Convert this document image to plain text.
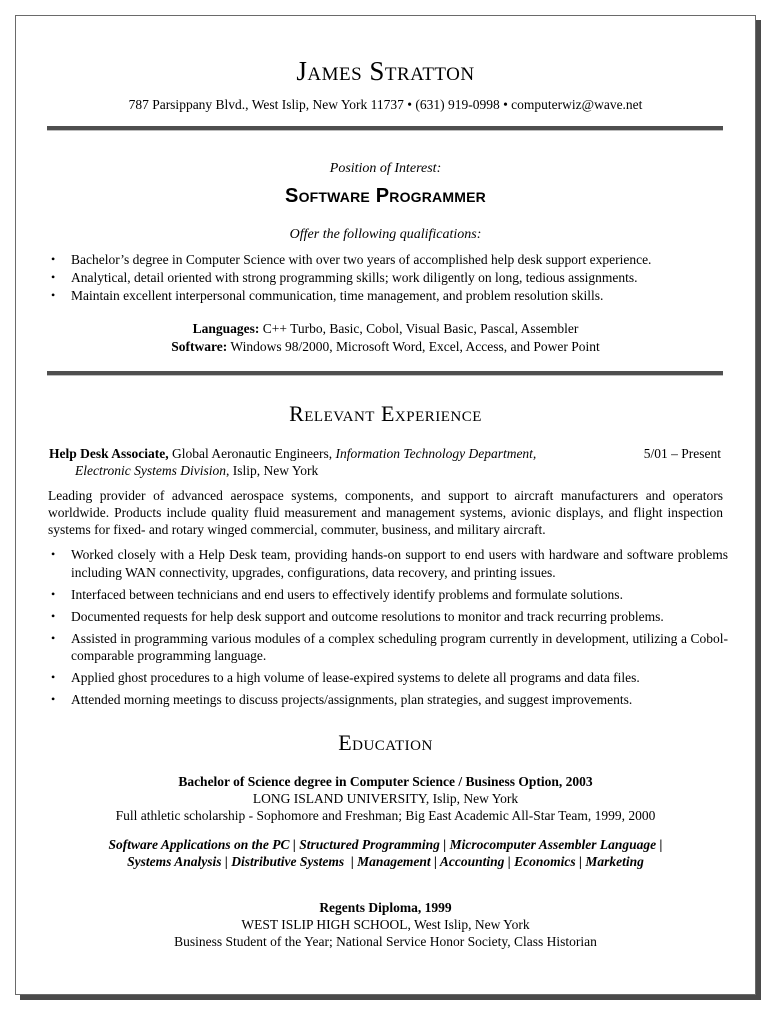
James Stratton
787 Parsippany Blvd., West Islip, New York 11737 • (631) 919-0998 • computerwiz@wave.net
Position of Interest:
Software Programmer
Offer the following qualifications:
• Bachelor’s degree in Computer Science with over two years of accomplished help desk support experience.
• Analytical, detail oriented with strong programming skills; work diligently on long, tedious assignments.
• Maintain excellent interpersonal communication, time management, and problem resolution skills.
Languages: C++ Turbo, Basic, Cobol, Visual Basic, Pascal, Assembler
Software: Windows 98/2000, Microsoft Word, Excel, Access, and Power Point
Relevant Experience
Help Desk Associate, Global Aeronautic Engineers, Information Technology Department,	5/01 – Present
Electronic Systems Division, Islip, New York

Leading provider of advanced aerospace systems, components, and support to aircraft manufacturers and operators worldwide. Products include quality fluid measurement and management systems, avionic displays, and flight inspection systems for fixed- and rotary winged commercial, commuter, business, and military aircraft.

• Worked closely with a Help Desk team, providing hands-on support to end users with hardware and software problems including WAN connectivity, upgrades, configurations, data recovery, and printing issues.
• Interfaced between technicians and end users to effectively identify problems and formulate solutions.
• Documented requests for help desk support and outcome resolutions to monitor and track recurring problems.
• Assisted in programming various modules of a complex scheduling program currently in development, utilizing a Cobol-comparable programming language.
• Applied ghost procedures to a high volume of lease-expired systems to delete all programs and data files.
• Attended morning meetings to discuss projects/assignments, plan strategies, and suggest improvements.
Education
Bachelor of Science degree in Computer Science / Business Option, 2003
LONG ISLAND UNIVERSITY, Islip, New York
Full athletic scholarship - Sophomore and Freshman; Big East Academic All-Star Team, 1999, 2000
Software Applications on the PC | Structured Programming | Microcomputer Assembler Language |
Systems Analysis | Distributive Systems  | Management | Accounting | Economics | Marketing
Regents Diploma, 1999
WEST ISLIP HIGH SCHOOL, West Islip, New York
Business Student of the Year; National Service Honor Society, Class Historian
